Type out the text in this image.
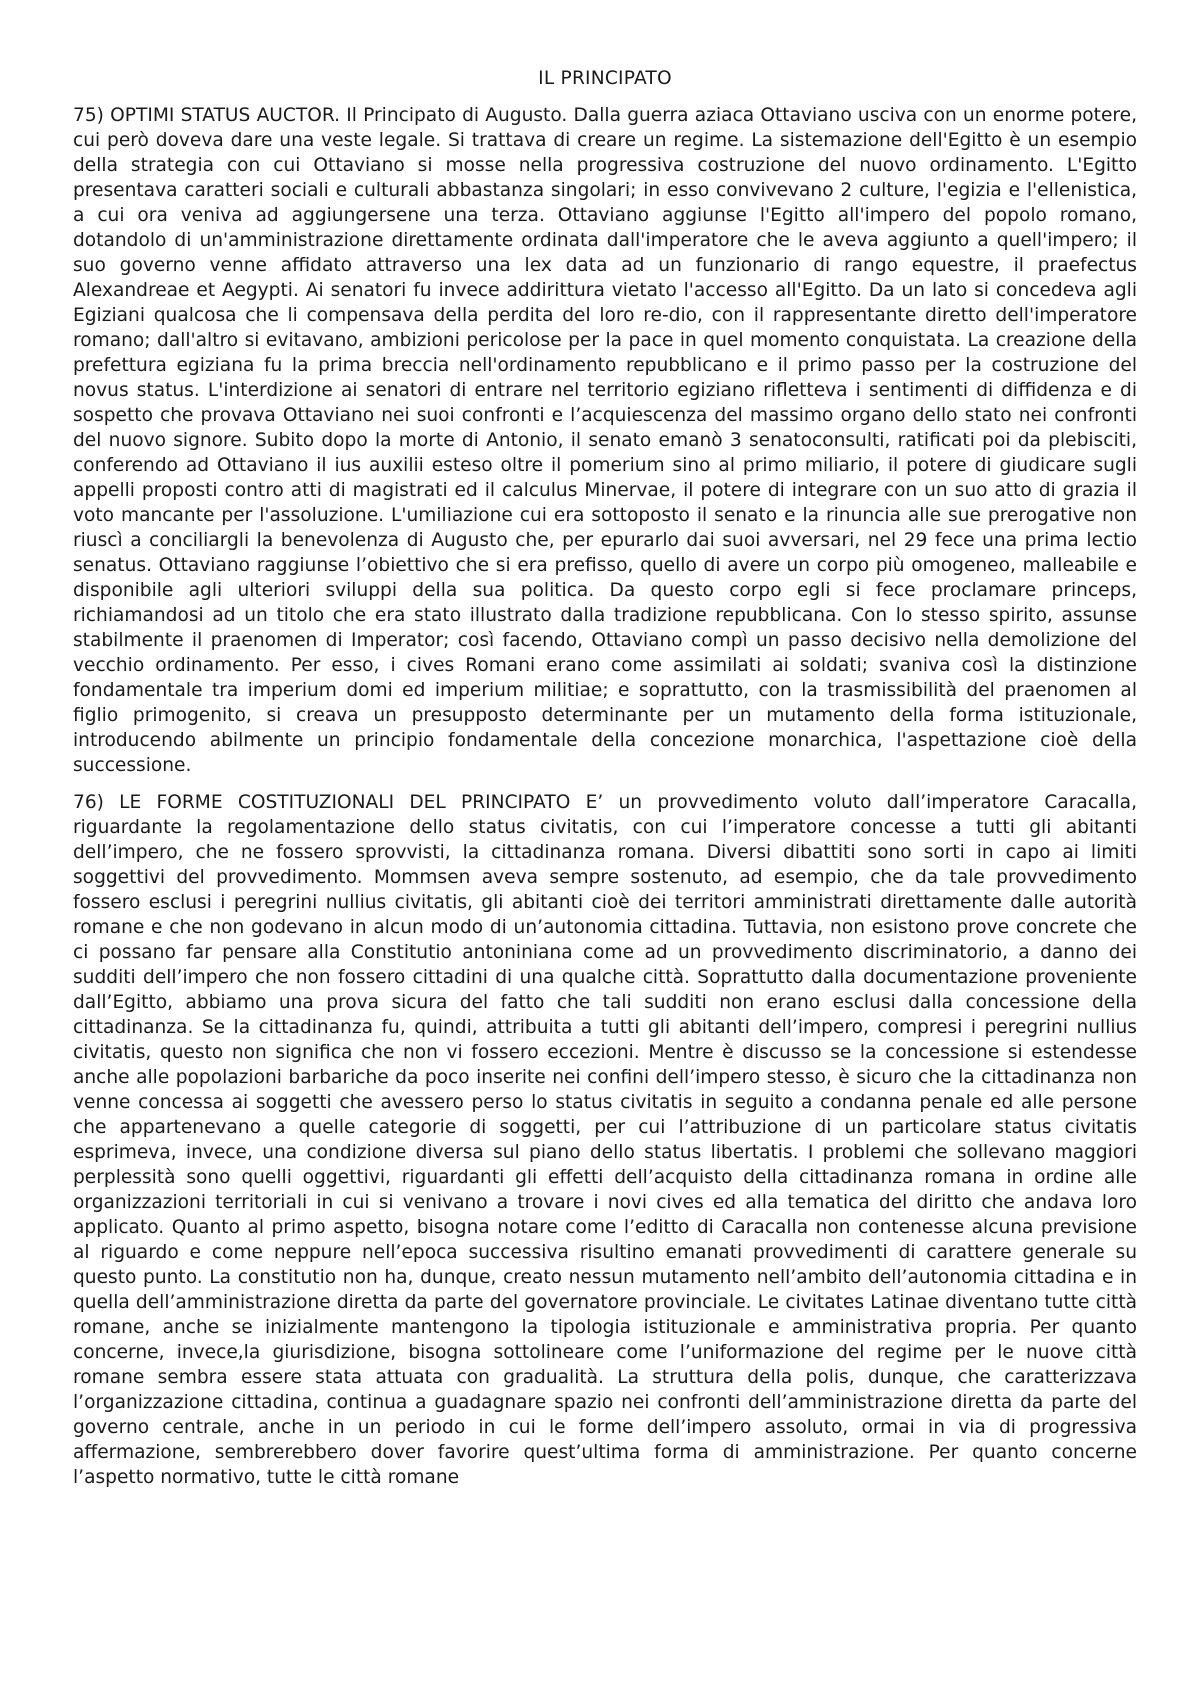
IL PRINCIPATO

75) OPTIMI STATUS AUCTOR. Il Principato di Augusto. Dalla guerra aziaca Ottaviano usciva con un enorme potere, cui però doveva dare una veste legale. Si trattava di creare un regime. La sistemazione dell'Egitto è un esempio della strategia con cui Ottaviano si mosse nella progressiva costruzione del nuovo ordinamento. L'Egitto presentava caratteri sociali e culturali abbastanza singolari; in esso convivevano 2 culture, l'egizia e l'ellenistica, a cui ora veniva ad aggiungersene una terza. Ottaviano aggiunse l'Egitto all'impero del popolo romano, dotandolo di un'amministrazione direttamente ordinata dall'imperatore che le aveva aggiunto a quell'impero; il suo governo venne affidato attraverso una lex data ad un funzionario di rango equestre, il praefectus Alexandreae et Aegypti. Ai senatori fu invece addirittura vietato l'accesso all'Egitto. Da un lato si concedeva agli Egiziani qualcosa che li compensava della perdita del loro re-dio, con il rappresentante diretto dell'imperatore romano; dall'altro si evitavano, ambizioni pericolose per la pace in quel momento conquistata. La creazione della prefettura egiziana fu la prima breccia nell'ordinamento repubblicano e il primo passo per la costruzione del novus status. L'interdizione ai senatori di entrare nel territorio egiziano rifletteva i sentimenti di diffidenza e di sospetto che provava Ottaviano nei suoi confronti e l’acquiescenza del massimo organo dello stato nei confronti del nuovo signore. Subito dopo la morte di Antonio, il senato emanò 3 senatoconsulti, ratificati poi da plebisciti, conferendo ad Ottaviano il ius auxilii esteso oltre il pomerium sino al primo miliario, il potere di giudicare sugli appelli proposti contro atti di magistrati ed il calculus Minervae, il potere di integrare con un suo atto di grazia il voto mancante per l'assoluzione. L'umiliazione cui era sottoposto il senato e la rinuncia alle sue prerogative non riuscì a conciliargli la benevolenza di Augusto che, per epurarlo dai suoi avversari, nel 29 fece una prima lectio senatus. Ottaviano raggiunse l’obiettivo che si era prefisso, quello di avere un corpo più omogeneo, malleabile e disponibile agli ulteriori sviluppi della sua politica. Da questo corpo egli si fece proclamare princeps, richiamandosi ad un titolo che era stato illustrato dalla tradizione repubblicana. Con lo stesso spirito, assunse stabilmente il praenomen di Imperator; così facendo, Ottaviano compì un passo decisivo nella demolizione del vecchio ordinamento. Per esso, i cives Romani erano come assimilati ai soldati; svaniva così la distinzione fondamentale tra imperium domi ed imperium militiae; e soprattutto, con la trasmissibilità del praenomen al figlio primogenito, si creava un presupposto determinante per un mutamento della forma istituzionale, introducendo abilmente un principio fondamentale della concezione monarchica, l'aspettazione cioè della successione.

76) LE FORME COSTITUZIONALI DEL PRINCIPATO E’ un provvedimento voluto dall’imperatore Caracalla, riguardante la regolamentazione dello status civitatis, con cui l’imperatore concesse a tutti gli abitanti dell’impero, che ne fossero sprovvisti, la cittadinanza romana. Diversi dibattiti sono sorti in capo ai limiti soggettivi del provvedimento. Mommsen aveva sempre sostenuto, ad esempio, che da tale provvedimento fossero esclusi i peregrini nullius civitatis, gli abitanti cioè dei territori amministrati direttamente dalle autorità romane e che non godevano in alcun modo di un’autonomia cittadina. Tuttavia, non esistono prove concrete che ci possano far pensare alla Constitutio antoniniana come ad un provvedimento discriminatorio, a danno dei sudditi dell’impero che non fossero cittadini di una qualche città. Soprattutto dalla documentazione proveniente dall’Egitto, abbiamo una prova sicura del fatto che tali sudditi non erano esclusi dalla concessione della cittadinanza. Se la cittadinanza fu, quindi, attribuita a tutti gli abitanti dell’impero, compresi i peregrini nullius civitatis, questo non significa che non vi fossero eccezioni. Mentre è discusso se la concessione si estendesse anche alle popolazioni barbariche da poco inserite nei confini dell’impero stesso, è sicuro che la cittadinanza non venne concessa ai soggetti che avessero perso lo status civitatis in seguito a condanna penale ed alle persone che appartenevano a quelle categorie di soggetti, per cui l’attribuzione di un particolare status civitatis esprimeva, invece, una condizione diversa sul piano dello status libertatis. I problemi che sollevano maggiori perplessità sono quelli oggettivi, riguardanti gli effetti dell’acquisto della cittadinanza romana in ordine alle organizzazioni territoriali in cui si venivano a trovare i novi cives ed alla tematica del diritto che andava loro applicato. Quanto al primo aspetto, bisogna notare come l’editto di Caracalla non contenesse alcuna previsione al riguardo e come neppure nell’epoca successiva risultino emanati provvedimenti di carattere generale su questo punto. La constitutio non ha, dunque, creato nessun mutamento nell’ambito dell’autonomia cittadina e in quella dell’amministrazione diretta da parte del governatore provinciale. Le civitates Latinae diventano tutte città romane, anche se inizialmente mantengono la tipologia istituzionale e amministrativa propria. Per quanto concerne, invece,la giurisdizione, bisogna sottolineare come l’uniformazione del regime per le nuove città romane sembra essere stata attuata con gradualità. La struttura della polis, dunque, che caratterizzava l’organizzazione cittadina, continua a guadagnare spazio nei confronti dell’amministrazione diretta da parte del governo centrale, anche in un periodo in cui le forme dell’impero assoluto, ormai in via di progressiva affermazione, sembrerebbero dover favorire quest’ultima forma di amministrazione. Per quanto concerne l’aspetto normativo, tutte le città romane
